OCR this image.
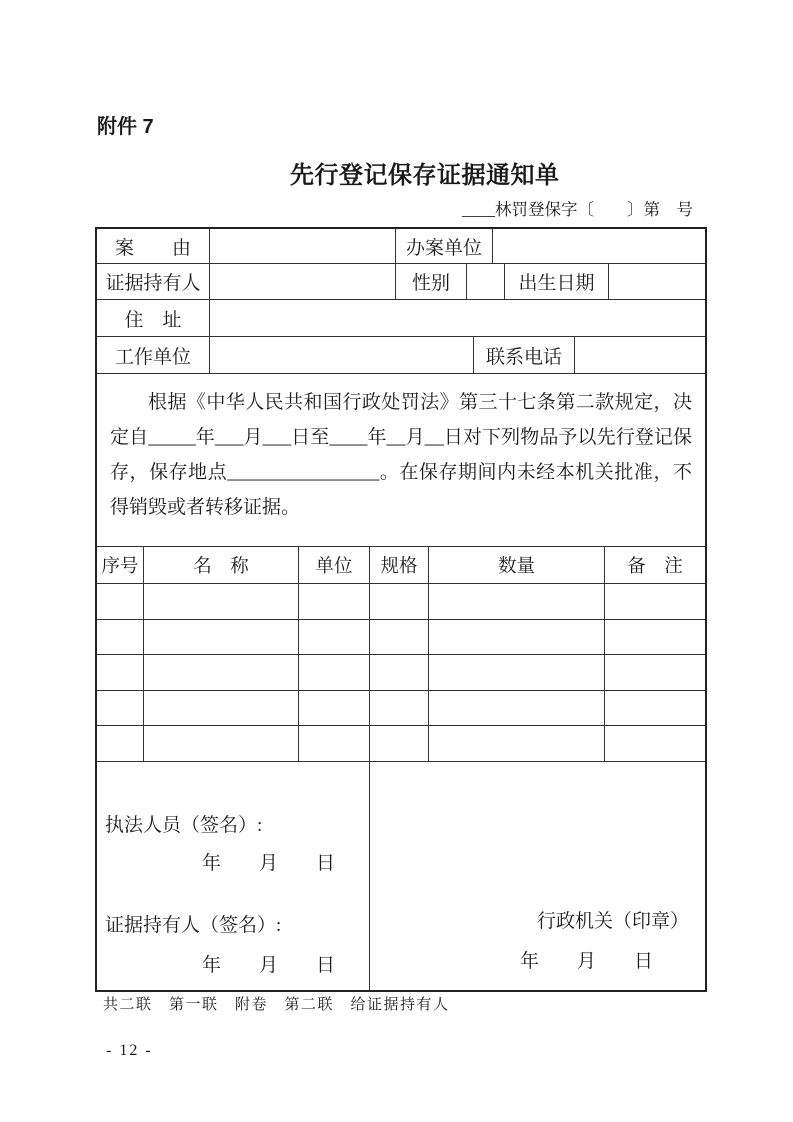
附件 7
先行登记保存证据通知单
____林罚登保字〔　　〕第　号
案　　由	办案单位
证据持有人	性别	出生日期
住　址
工作单位	联系电话
根据《中华人民共和国行政处罚法》第三十七条第二款规定，决定自_____年___月___日至____年__月__日对下列物品予以先行登记保存，保存地点________________。在保存期间内未经本机关批准，不得销毁或者转移证据。
序号	名　称	单位	规格	数量	备　注
执法人员（签名）:
年　　月　　日
证据持有人（签名）:
年　　月　　日
行政机关（印章）
年　　月　　日
共二联　第一联　附卷　第二联　给证据持有人
- 12 -
